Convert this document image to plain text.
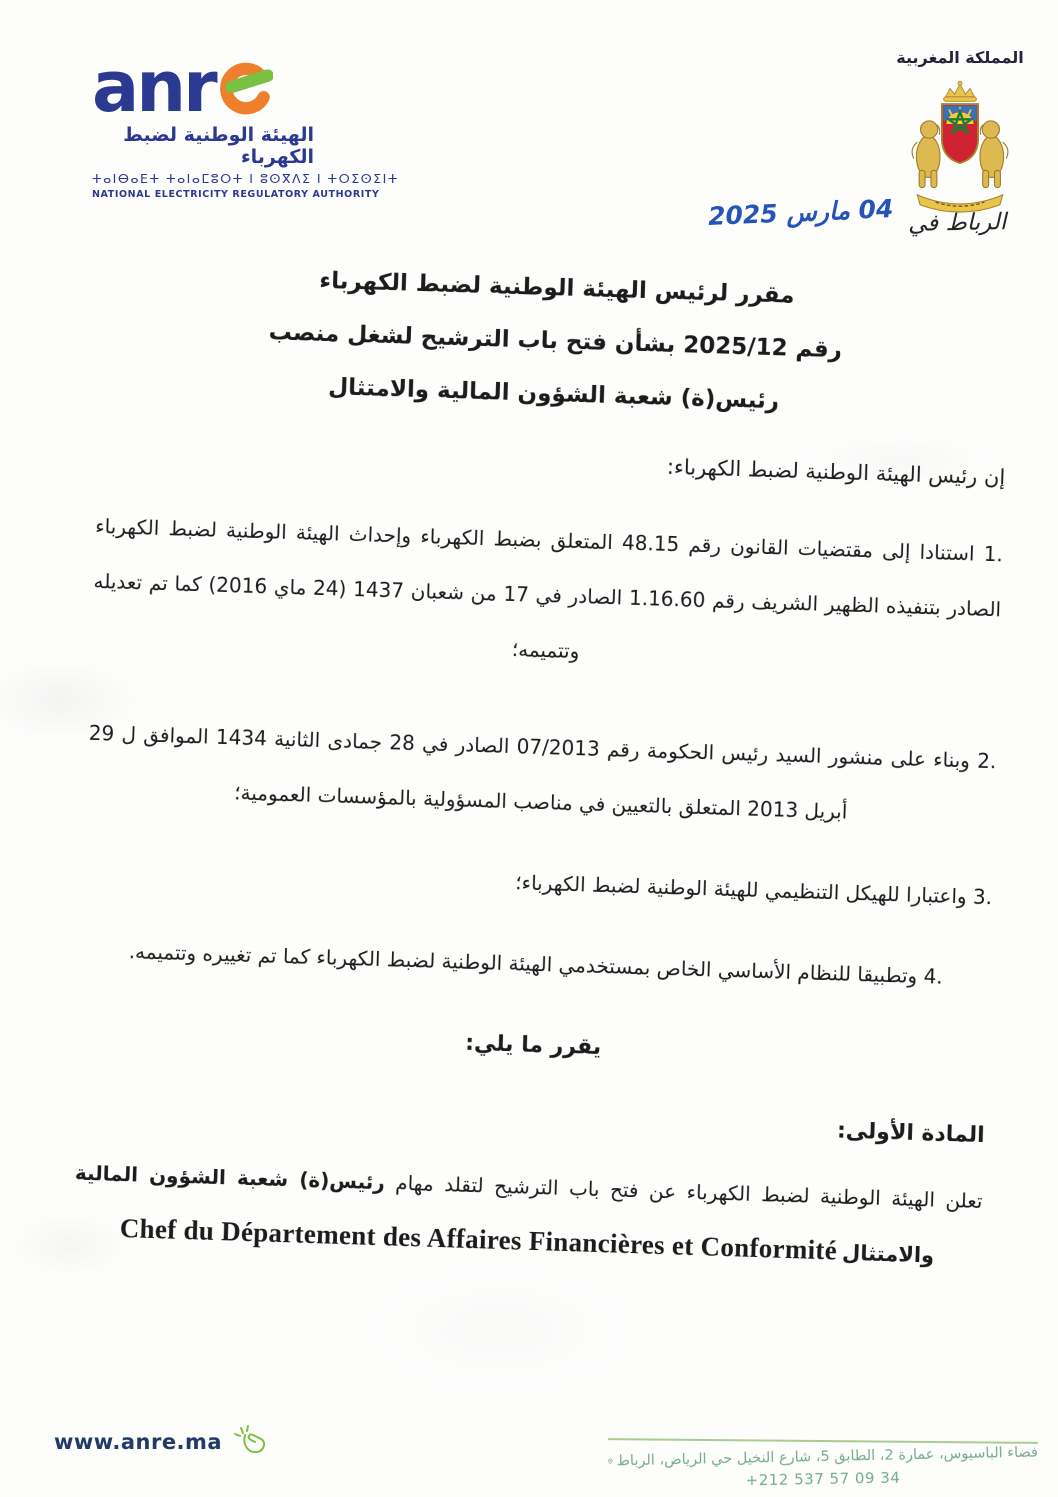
anr
الهيئة الوطنية لضبط الكهرباء
ⵜⴰⵏⴱⴰⴹⵜ ⵜⴰⵏⴰⵎⵓⵔⵜ ⵏ ⵓⵙⴳⴷⵉ ⵏ ⵜⵔⵉⵙⵉⵏⵜ
NATIONAL ELECTRICITY REGULATORY AUTHORITY
المملكة المغربية
04 مارس 2025 الرباط في
مقرر لرئيس الهيئة الوطنية لضبط الكهرباء
رقم 2025/12 بشأن فتح باب الترشيح لشغل منصب
رئيس(ة) شعبة الشؤون المالية والامتثال
إن رئيس الهيئة الوطنية لضبط الكهرباء:
‎1.‎ استنادا إلى مقتضيات القانون رقم 48.15 المتعلق بضبط الكهرباء وإحداث الهيئة الوطنية لضبط الكهرباء الصادر بتنفيذه الظهير الشريف رقم 1.16.60 الصادر في 17 من شعبان 1437 (24 ماي 2016) كما تم تعديله وتتميمه؛
‎2.‎ وبناء على منشور السيد رئيس الحكومة رقم 07/2013 الصادر في 28 جمادى الثانية 1434 الموافق ل 29 أبريل 2013 المتعلق بالتعيين في مناصب المسؤولية بالمؤسسات العمومية؛
‎3.‎ واعتبارا للهيكل التنظيمي للهيئة الوطنية لضبط الكهرباء؛
‎4.‎ وتطبيقا للنظام الأساسي الخاص بمستخدمي الهيئة الوطنية لضبط الكهرباء كما تم تغييره وتتميمه.
يقرر ما يلي:
المادة الأولى:
تعلن الهيئة الوطنية لضبط الكهرباء عن فتح باب الترشيح لتقلد مهام رئيس(ة) شعبة الشؤون المالية
والامتثال Chef du Département des Affaires Financières et Conformité
www.anre.ma
فضاء الباسيوس، عمارة 2، الطابق 5، شارع النخيل حي الرياض، الرباط
+212 537 57 09 34
